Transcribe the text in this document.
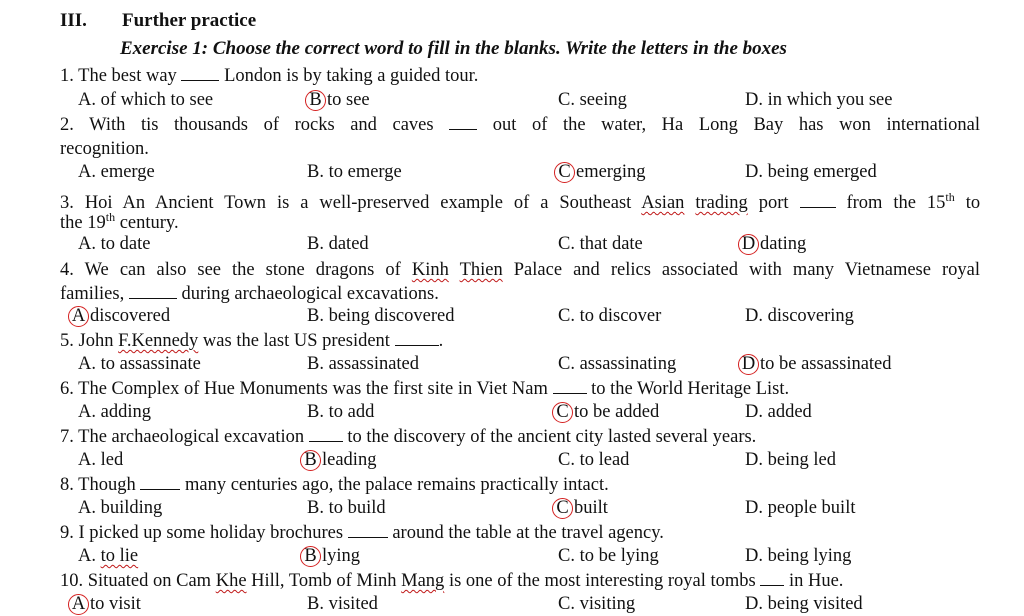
III. Further practice
Exercise 1: Choose the correct word to fill in the blanks. Write the letters in the boxes
1. The best way	London is by taking a guided tour.
A. of which to see	B to see	C. seeing	D. in which you see
2. With tis thousands of rocks and caves	out of the water, Ha Long Bay has won international
recognition.
A. emerge	B. to emerge	C emerging	D. being emerged
3. Hoi An Ancient Town is a well-preserved example of a Southeast Asian trading port	from the 15th to
the 19th century.
A. to date	B. dated	C. that date	D dating
4. We can also see the stone dragons of Kinh Thien Palace and relics associated with many Vietnamese royal
families,	during archaeological excavations.
A discovered	B. being discovered	C. to discover	D. discovering
5. John F.Kennedy was the last US president	.
A. to assassinate	B. assassinated	C. assassinating	D to be assassinated
6. The Complex of Hue Monuments was the first site in Viet Nam to the World Heritage List.
A. adding	B. to add	C to be added	D. added
7. The archaeological excavation to the discovery of the ancient city lasted several years.
A. led	B leading	C. to lead	D. being led
8. Though	many centuries ago, the palace remains practically intact.
A. building	B. to build	C built	D. people built
9. I picked up some holiday brochures	around the table at the travel agency.
A. to lie	B lying	C. to be lying	D. being lying
10. Situated on Cam Khe Hill, Tomb of Minh Mang is one of the most interesting royal tombs in Hue.
A to visit	B. visited	C. visiting	D. being visited
